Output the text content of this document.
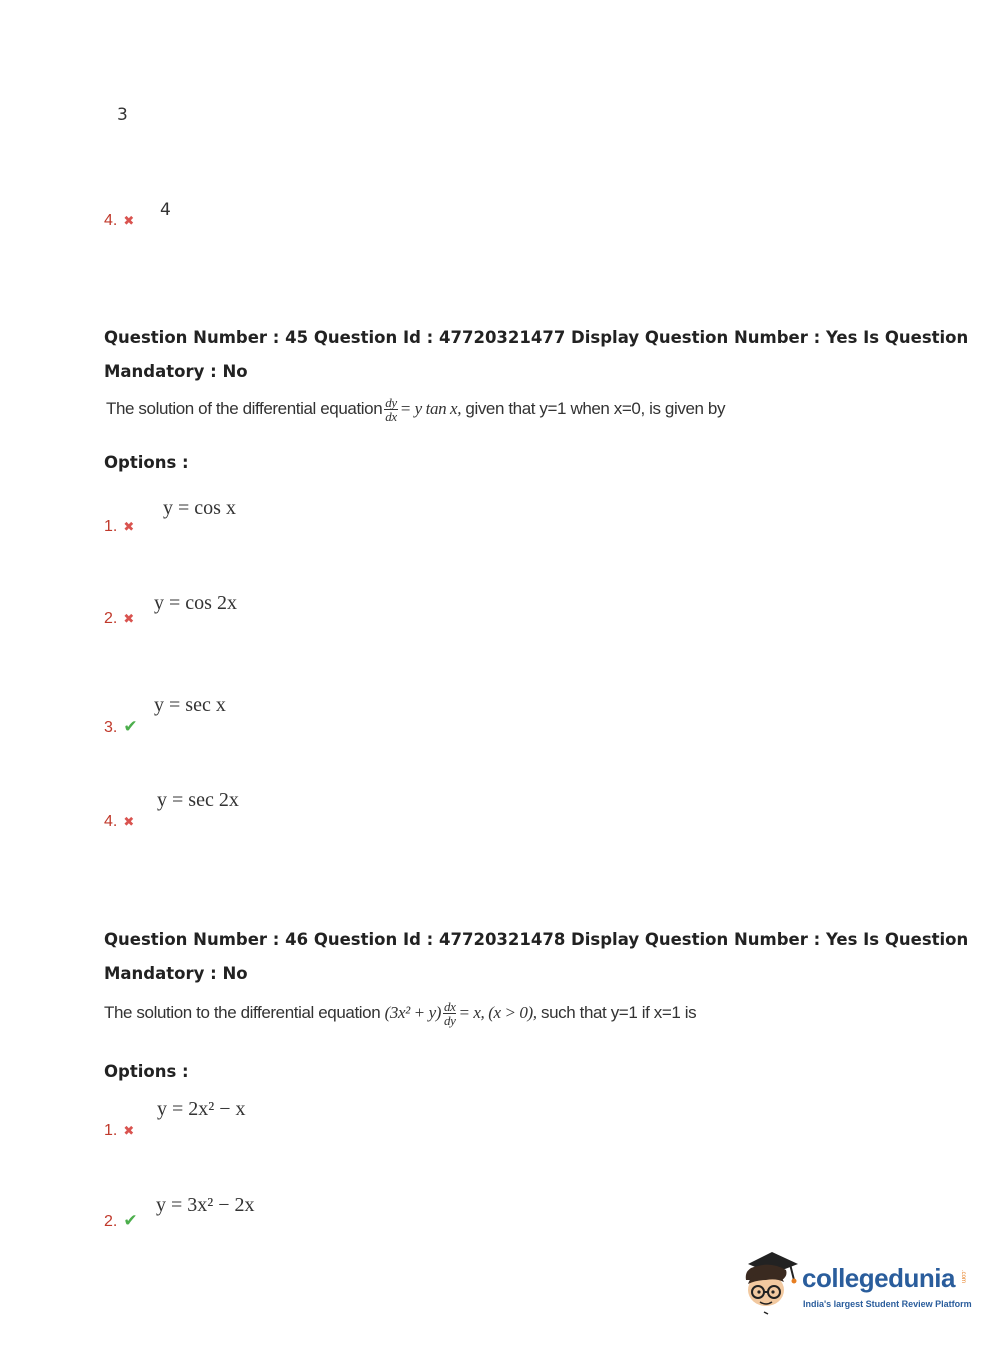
3
4. ✖
4
Question Number : 45 Question Id : 47720321477 Display Question Number : Yes Is Question
Mandatory : No
The solution of the differential equation $\frac{dy}{dx} = y$ tan x, given that y=1 when x=0, is given by
Options :
y = cos x
1. ✖
y = cos 2x
2. ✖
y = sec x
3. ✔
y = sec 2x
4. ✖
Question Number : 46 Question Id : 47720321478 Display Question Number : Yes Is Question
Mandatory : No
The solution to the differential equation $(3x^2 + y) \frac{dx}{dy} = x$, (x > 0), such that y=1 if x=1 is
Options :
y = 2x² − x
1. ✖
y = 3x² − 2x
2. ✔
collegedunia .com
India's largest Student Review Platform
